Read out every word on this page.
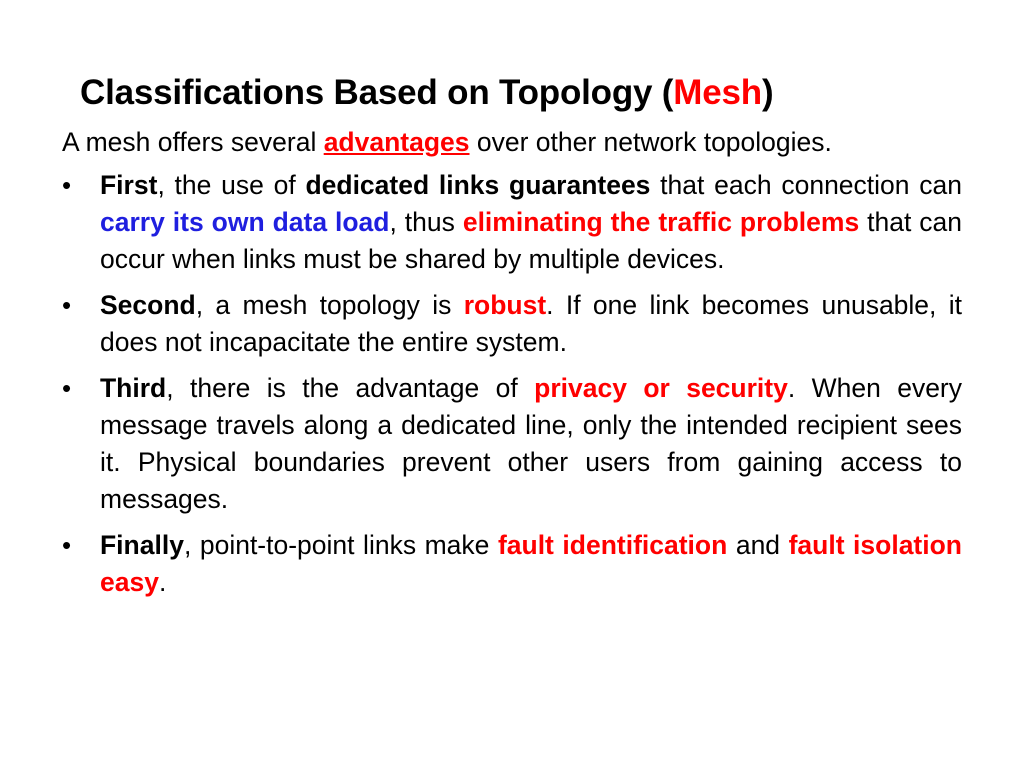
Classifications Based on Topology (Mesh)

A mesh offers several advantages over other network topologies.

•	First, the use of dedicated links guarantees that each connection can carry its own data load, thus eliminating the traffic problems that can occur when links must be shared by multiple devices.
•	Second, a mesh topology is robust. If one link becomes unusable, it does not incapacitate the entire system.
•	Third, there is the advantage of privacy or security. When every message travels along a dedicated line, only the intended recipient sees it. Physical boundaries prevent other users from gaining access to messages.
•	Finally, point-to-point links make fault identification and fault isolation easy.
